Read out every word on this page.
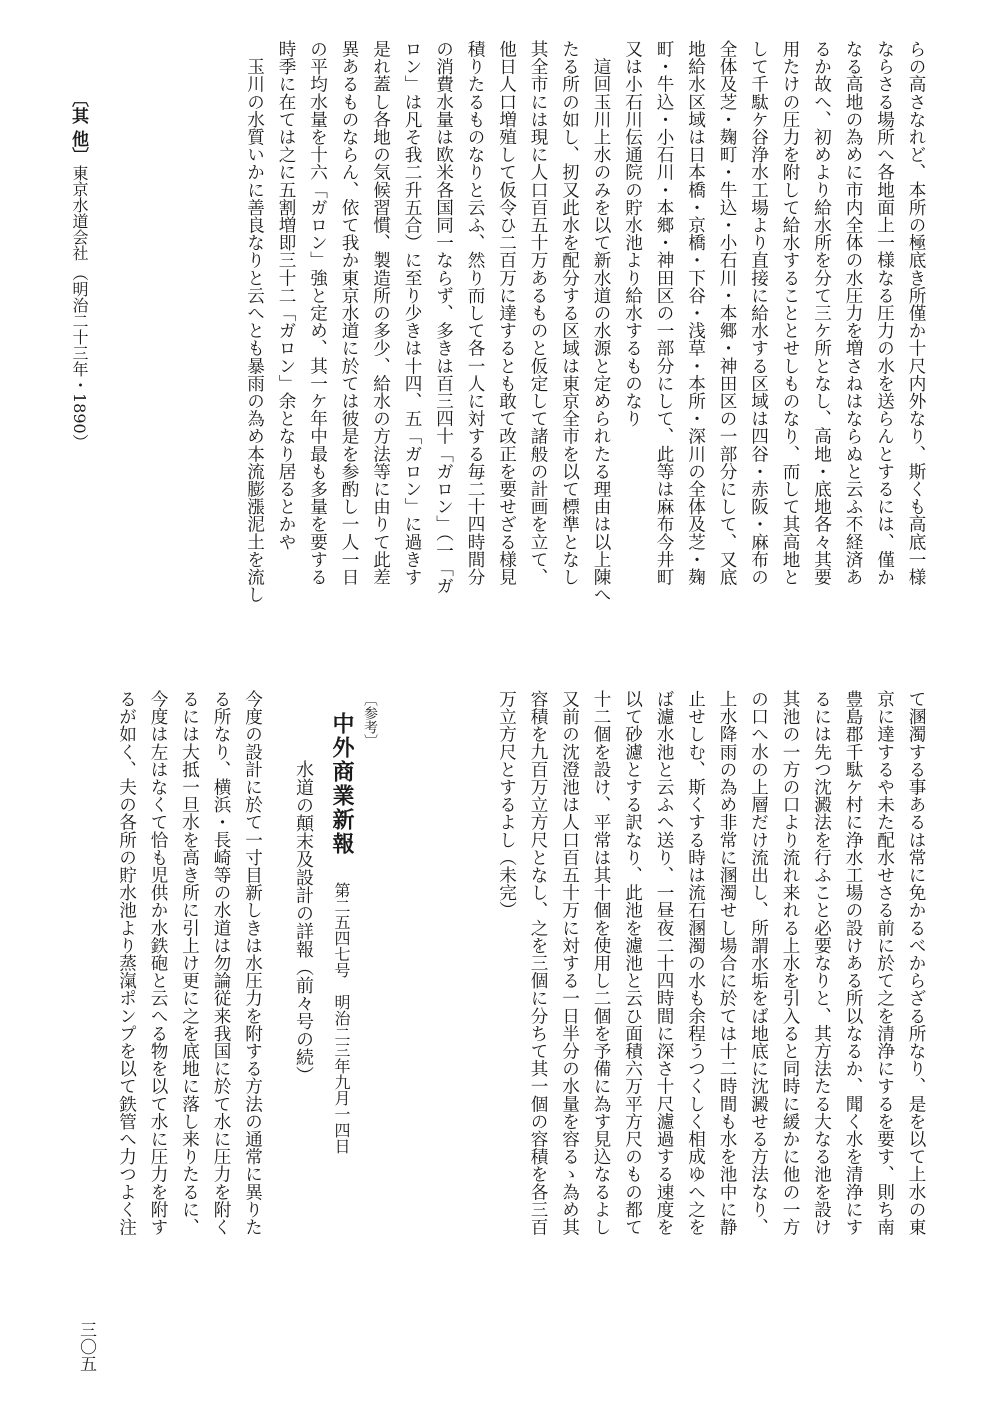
〔其 他〕
東京水道会社
（明治二十三年・1890）	らの高さなれど、本所の極底き所僅か十尺内外なり、斯くも高底一様
ならさる場所へ各地面上一様なる圧力の水を送らんとするには、僅か
なる高地の為めに市内全体の水圧力を増さねはならぬと云ふ不経済あ
るか故へ、初めより給水所を分て三ケ所となし、高地・底地各々其要
用たけの圧力を附して給水することとせしものなり、而して其高地と
して千駄ケ谷浄水工場より直接に給水する区域は四谷・赤阪・麻布の
全体及芝・麹町・牛込・小石川・本郷・神田区の一部分にして、又底
地給水区域は日本橋・京橋・下谷・浅草・本所・深川の全体及芝・麹
町・牛込・小石川・本郷・神田区の一部分にして、此等は麻布今井町
又は小石川伝通院の貯水池より給水するものなり
　這回玉川上水のみを以て新水道の水源と定められたる理由は以上陳へ
たる所の如し、扨又此水を配分する区域は東京全市を以て標準となし
其全市には現に人口百五十万あるものと仮定して諸般の計画を立て、
他日人口増殖して仮令ひ二百万に達するとも敢て改正を要せざる様見
積りたるものなりと云ふ、然り而して各一人に対する毎二十四時間分
の消費水量は欧米各国同一ならず、多きは百三四十「ガロン」（一「ガ
ロン」は凡そ我二升五合）に至り少きは十四、五「ガロン」に過きす
是れ蓋し各地の気候習慣、製造所の多少、給水の方法等に由りて此差
異あるものならん、依て我か東京水道に於ては彼是を参酌し一人一日
の平均水量を十六「ガロン」強と定め、其一ケ年中最も多量を要する
時季に在ては之に五割増即三十二「ガロン」余となり居るとかや
　玉川の水質いかに善良なりと云へとも暴雨の為め本流膨漲泥土を流し
て溷濁する事あるは常に免かるべからざる所なり、是を以て上水の東
京に達するや未た配水せさる前に於て之を清浄にするを要す、則ち南
豊島郡千駄ケ村に浄水工場の設けある所以なるか、聞く水を清浄にす
るには先つ沈澱法を行ふこと必要なりと、其方法たる大なる池を設け
其池の一方の口より流れ来れる上水を引入ると同時に緩かに他の一方
の口へ水の上層だけ流出し、所謂水垢をば地底に沈澱せる方法なり、
上水降雨の為め非常に溷濁せし場合に於ては十二時間も水を池中に静
止せしむ、斯くする時は流石溷濁の水も余程うつくしく相成ゆへ之を
ば濾水池と云ふへ送り、一昼夜二十四時間に深さ十尺濾過する速度を
以て砂濾とする訳なり、此池を濾池と云ひ面積六万平方尺のもの都て
十二個を設け、平常は其十個を使用し二個を予備に為す見込なるよし
又前の沈澄池は人口百五十万に対する一日半分の水量を容るゝ為め其
容積を九百万立方尺となし、之を三個に分ちて其一個の容積を各三百
万立方尺とするよし（未完）
〔参考〕
中外商業新報
第二五四七号　明治二三年九月一四日
水道の顛末及設計の詳報（前々号の続）
今度の設計に於て一寸目新しきは水圧力を附する方法の通常に異りた
る所なり、横浜・長崎等の水道は勿論従来我国に於て水に圧力を附く
るには大抵一旦水を高き所に引上け更に之を底地に落し来りたるに、
今度は左はなくて恰も児供か水鉄砲と云へる物を以て水に圧力を附す
るが如く、夫の各所の貯水池より蒸滊ポンプを以て鉄管へ力つよく注
三〇五
